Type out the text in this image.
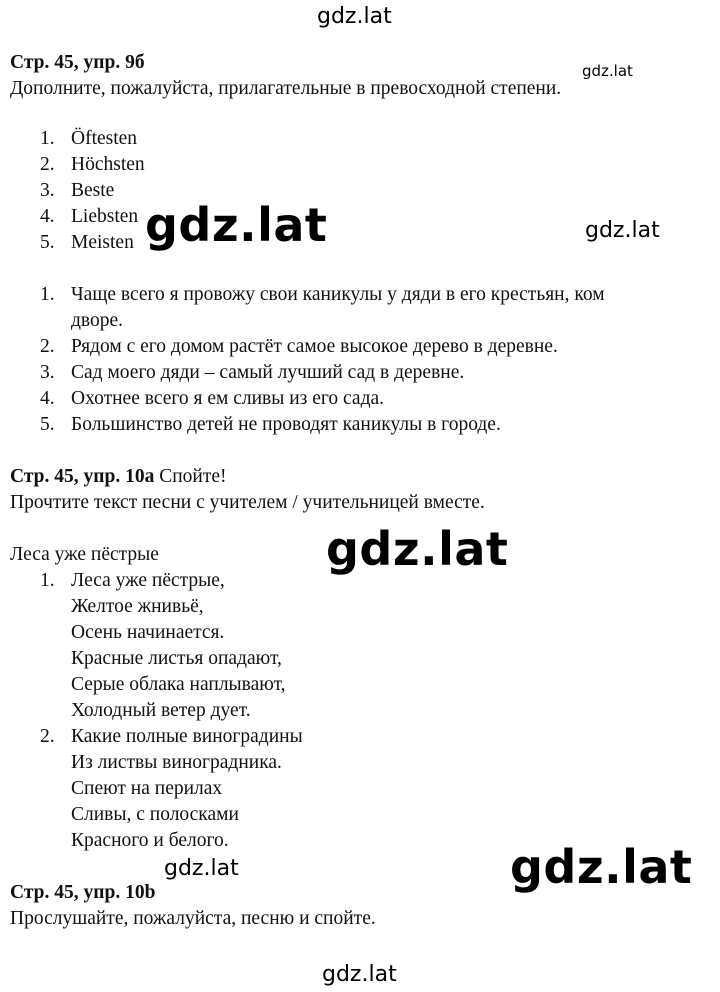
gdz.lat
gdz.lat
gdz.lat	gdz.lat
gdz.lat
gdz.lat	gdz.lat
gdz.lat
Стр. 45, упр. 9б
Дополните, пожалуйста, прилагательные в превосходной степени.
1. Öftesten
2. Höchsten
3. Beste
4. Liebsten
5. Meisten
1. Чаще всего я провожу свои каникулы у дяди в его крестьян, ком
дворе.
2. Рядом с его домом растёт самое высокое дерево в деревне.
3. Сад моего дяди – самый лучший сад в деревне.
4. Охотнее всего я ем сливы из его сада.
5. Большинство детей не проводят каникулы в городе.
Стр. 45, упр. 10а Спойте!
Прочтите текст песни с учителем / учительницей вместе.
Леса уже пёстрые
1. Леса уже пёстрые,
Желтое жнивьё,
Осень начинается.
Красные листья опадают,
Серые облака наплывают,
Холодный ветер дует.
2. Какие полные виноградины
Из листвы виноградника.
Спеют на перилах
Сливы, с полосками
Красного и белого.
Стр. 45, упр. 10b
Прослушайте, пожалуйста, песню и спойте.
